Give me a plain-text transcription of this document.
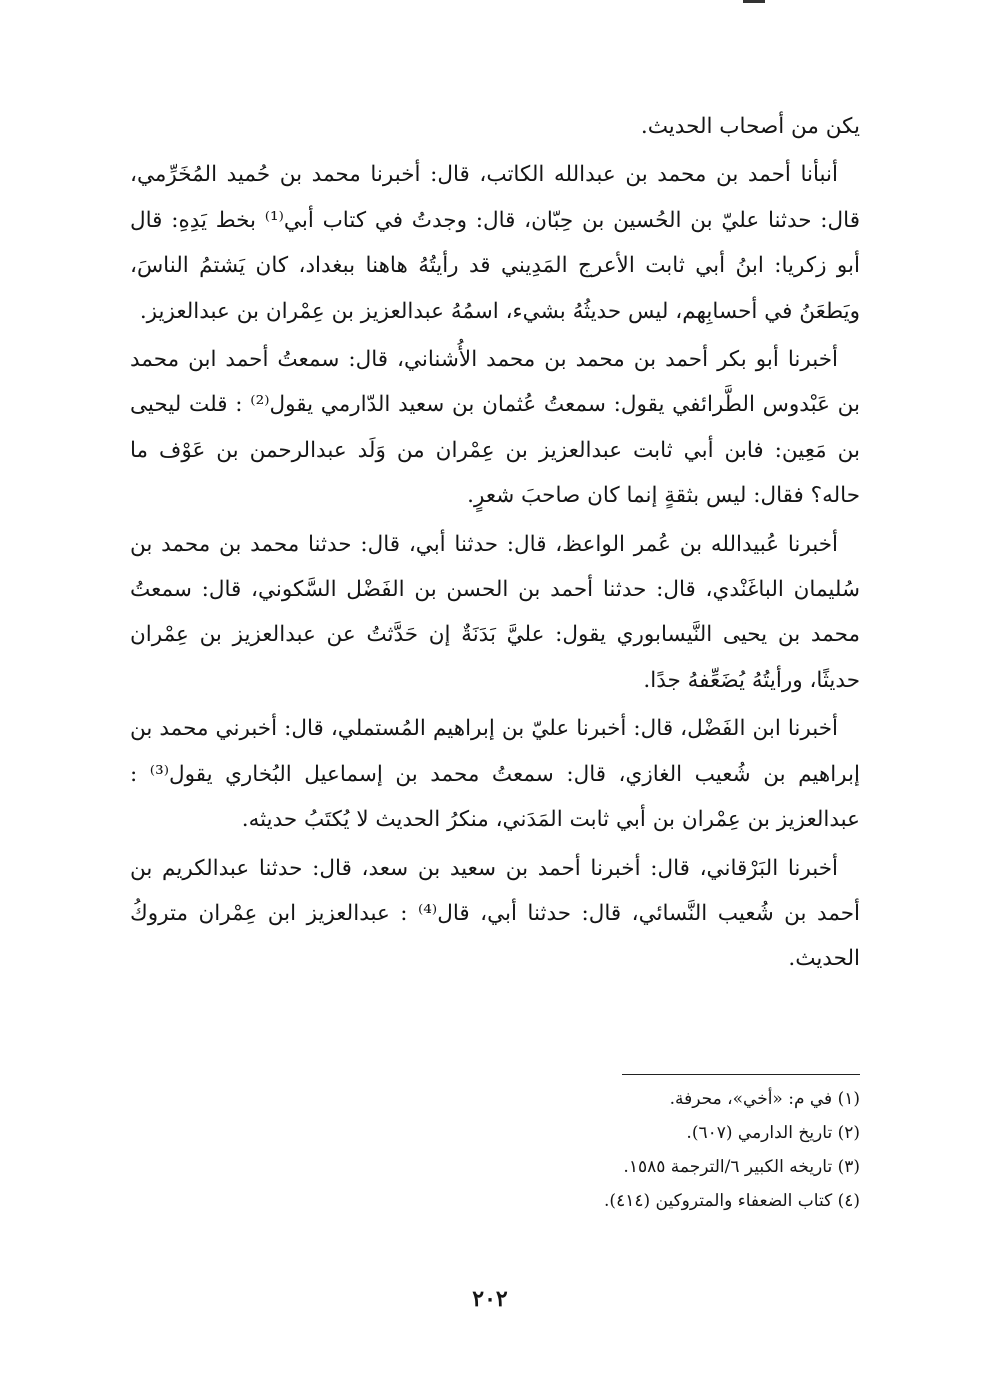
يكن من أصحاب الحديث.

أنبأنا أحمد بن محمد بن عبدالله الكاتب، قال: أخبرنا محمد بن حُميد المُخَرِّمي، قال: حدثنا عليّ بن الحُسين بن حِبّان، قال: وجدتُ في كتاب أبي⁽¹⁾ بخط يَدِهِ: قال أبو زكريا: ابنُ أبي ثابت الأعرج المَدِيني قد رأيتُهُ هاهنا ببغداد، كان يَشتمُ الناسَ، ويَطعَنُ في أحسابِهم، ليس حديثُهُ بشيء، اسمُهُ عبدالعزيز بن عِمْران بن عبدالعزيز.

أخبرنا أبو بكر أحمد بن محمد بن محمد الأُشناني، قال: سمعتُ أحمد ابن محمد بن عَبْدوس الطَّرائفي يقول: سمعتُ عُثمان بن سعيد الدّارمي يقول⁽²⁾ : قلت ليحيى بن مَعِين: فابن أبي ثابت عبدالعزيز بن عِمْران من وَلَد عبدالرحمن بن عَوْف ما حاله؟ فقال: ليس بثقةٍ إنما كان صاحبَ شعرٍ.

أخبرنا عُبيدالله بن عُمر الواعظ، قال: حدثنا أبي، قال: حدثنا محمد بن محمد بن سُليمان الباغَنْدي، قال: حدثنا أحمد بن الحسن بن الفَضْل السَّكوني، قال: سمعتُ محمد بن يحيى النَّيسابوري يقول: عليَّ بَدَنَةٌ إن حَدَّثتُ عن عبدالعزيز بن عِمْران حديثًا، ورأيتُهُ يُضَعِّفهُ جدًا.

أخبرنا ابن الفَضْل، قال: أخبرنا عليّ بن إبراهيم المُستملي، قال: أخبرني محمد بن إبراهيم بن شُعيب الغازي، قال: سمعتُ محمد بن إسماعيل البُخاري يقول⁽³⁾ : عبدالعزيز بن عِمْران بن أبي ثابت المَدَني، منكرُ الحديث لا يُكتَبُ حديثه.

أخبرنا البَرْقاني، قال: أخبرنا أحمد بن سعيد بن سعد، قال: حدثنا عبدالكريم بن أحمد بن شُعيب النَّسائي، قال: حدثنا أبي، قال⁽⁴⁾ : عبدالعزيز ابن عِمْران متروكُ الحديث.

(١) في م: «أخي»، محرفة.

(٢) تاريخ الدارمي (٦٠٧).

(٣) تاريخه الكبير ٦/الترجمة ١٥٨٥.

(٤) كتاب الضعفاء والمتروكين (٤١٤).

٢٠٢
